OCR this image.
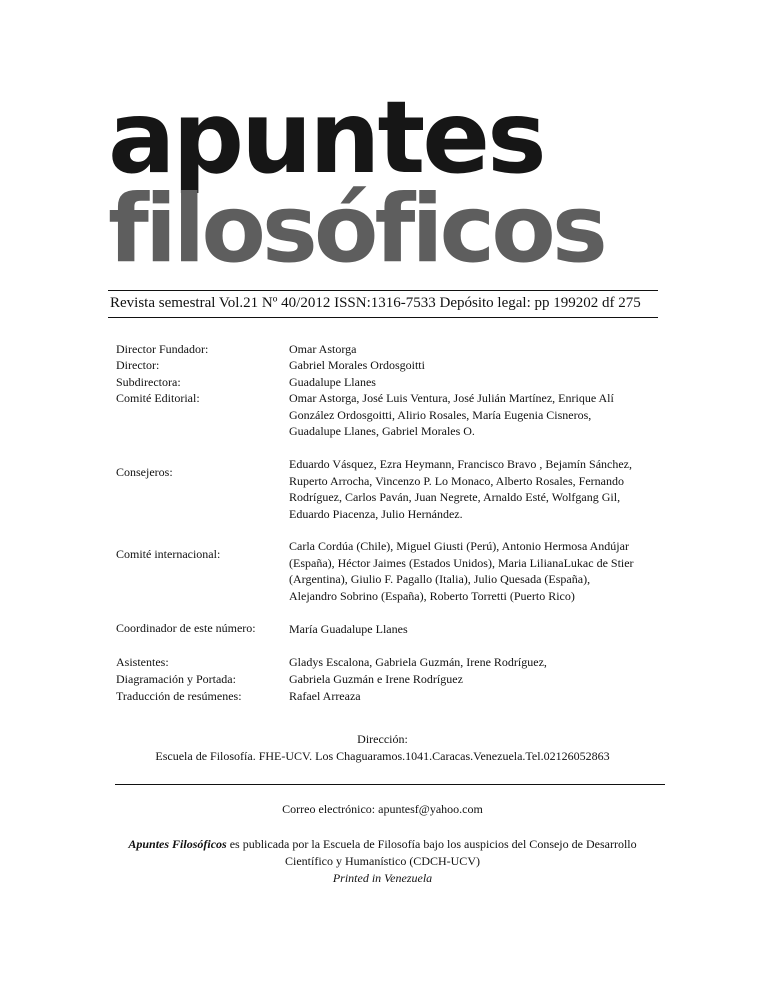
apuntes
filosóficos
Revista semestral Vol.21 Nº 40/2012 ISSN:1316-7533 Depósito legal: pp 199202 df 275
Director Fundador:	Omar Astorga
Director:	Gabriel Morales Ordosgoitti
Subdirectora:	Guadalupe Llanes
Comité Editorial:	Omar Astorga, José Luis Ventura, José Julián Martínez, Enrique Alí
González Ordosgoitti, Alirio Rosales, María Eugenia Cisneros,
Guadalupe Llanes, Gabriel Morales O.
Consejeros:
Eduardo Vásquez, Ezra Heymann, Francisco Bravo , Bejamín Sánchez,
Ruperto Arrocha, Vincenzo P. Lo Monaco, Alberto Rosales, Fernando
Rodríguez, Carlos Paván, Juan Negrete, Arnaldo Esté, Wolfgang Gil,
Eduardo Piacenza, Julio Hernández.
Comité internacional:
Carla Cordúa (Chile), Miguel Giusti (Perú), Antonio Hermosa Andújar
(España), Héctor Jaimes (Estados Unidos), Maria LilianaLukac de Stier
(Argentina), Giulio F. Pagallo (Italia), Julio Quesada (España),
Alejandro Sobrino (España), Roberto Torretti (Puerto Rico)
Coordinador de este número:	María Guadalupe Llanes
Asistentes:	Gladys Escalona, Gabriela Guzmán, Irene Rodríguez,
Diagramación y Portada:	Gabriela Guzmán e Irene Rodríguez
Traducción de resúmenes:	Rafael Arreaza
Dirección:
Escuela de Filosofía. FHE-UCV. Los Chaguaramos.1041.Caracas.Venezuela.Tel.02126052863
Correo electrónico: apuntesf@yahoo.com
Apuntes Filosóficos es publicada por la Escuela de Filosofía bajo los auspicios del Consejo de Desarrollo
Científico y Humanístico (CDCH-UCV)
Printed in Venezuela
